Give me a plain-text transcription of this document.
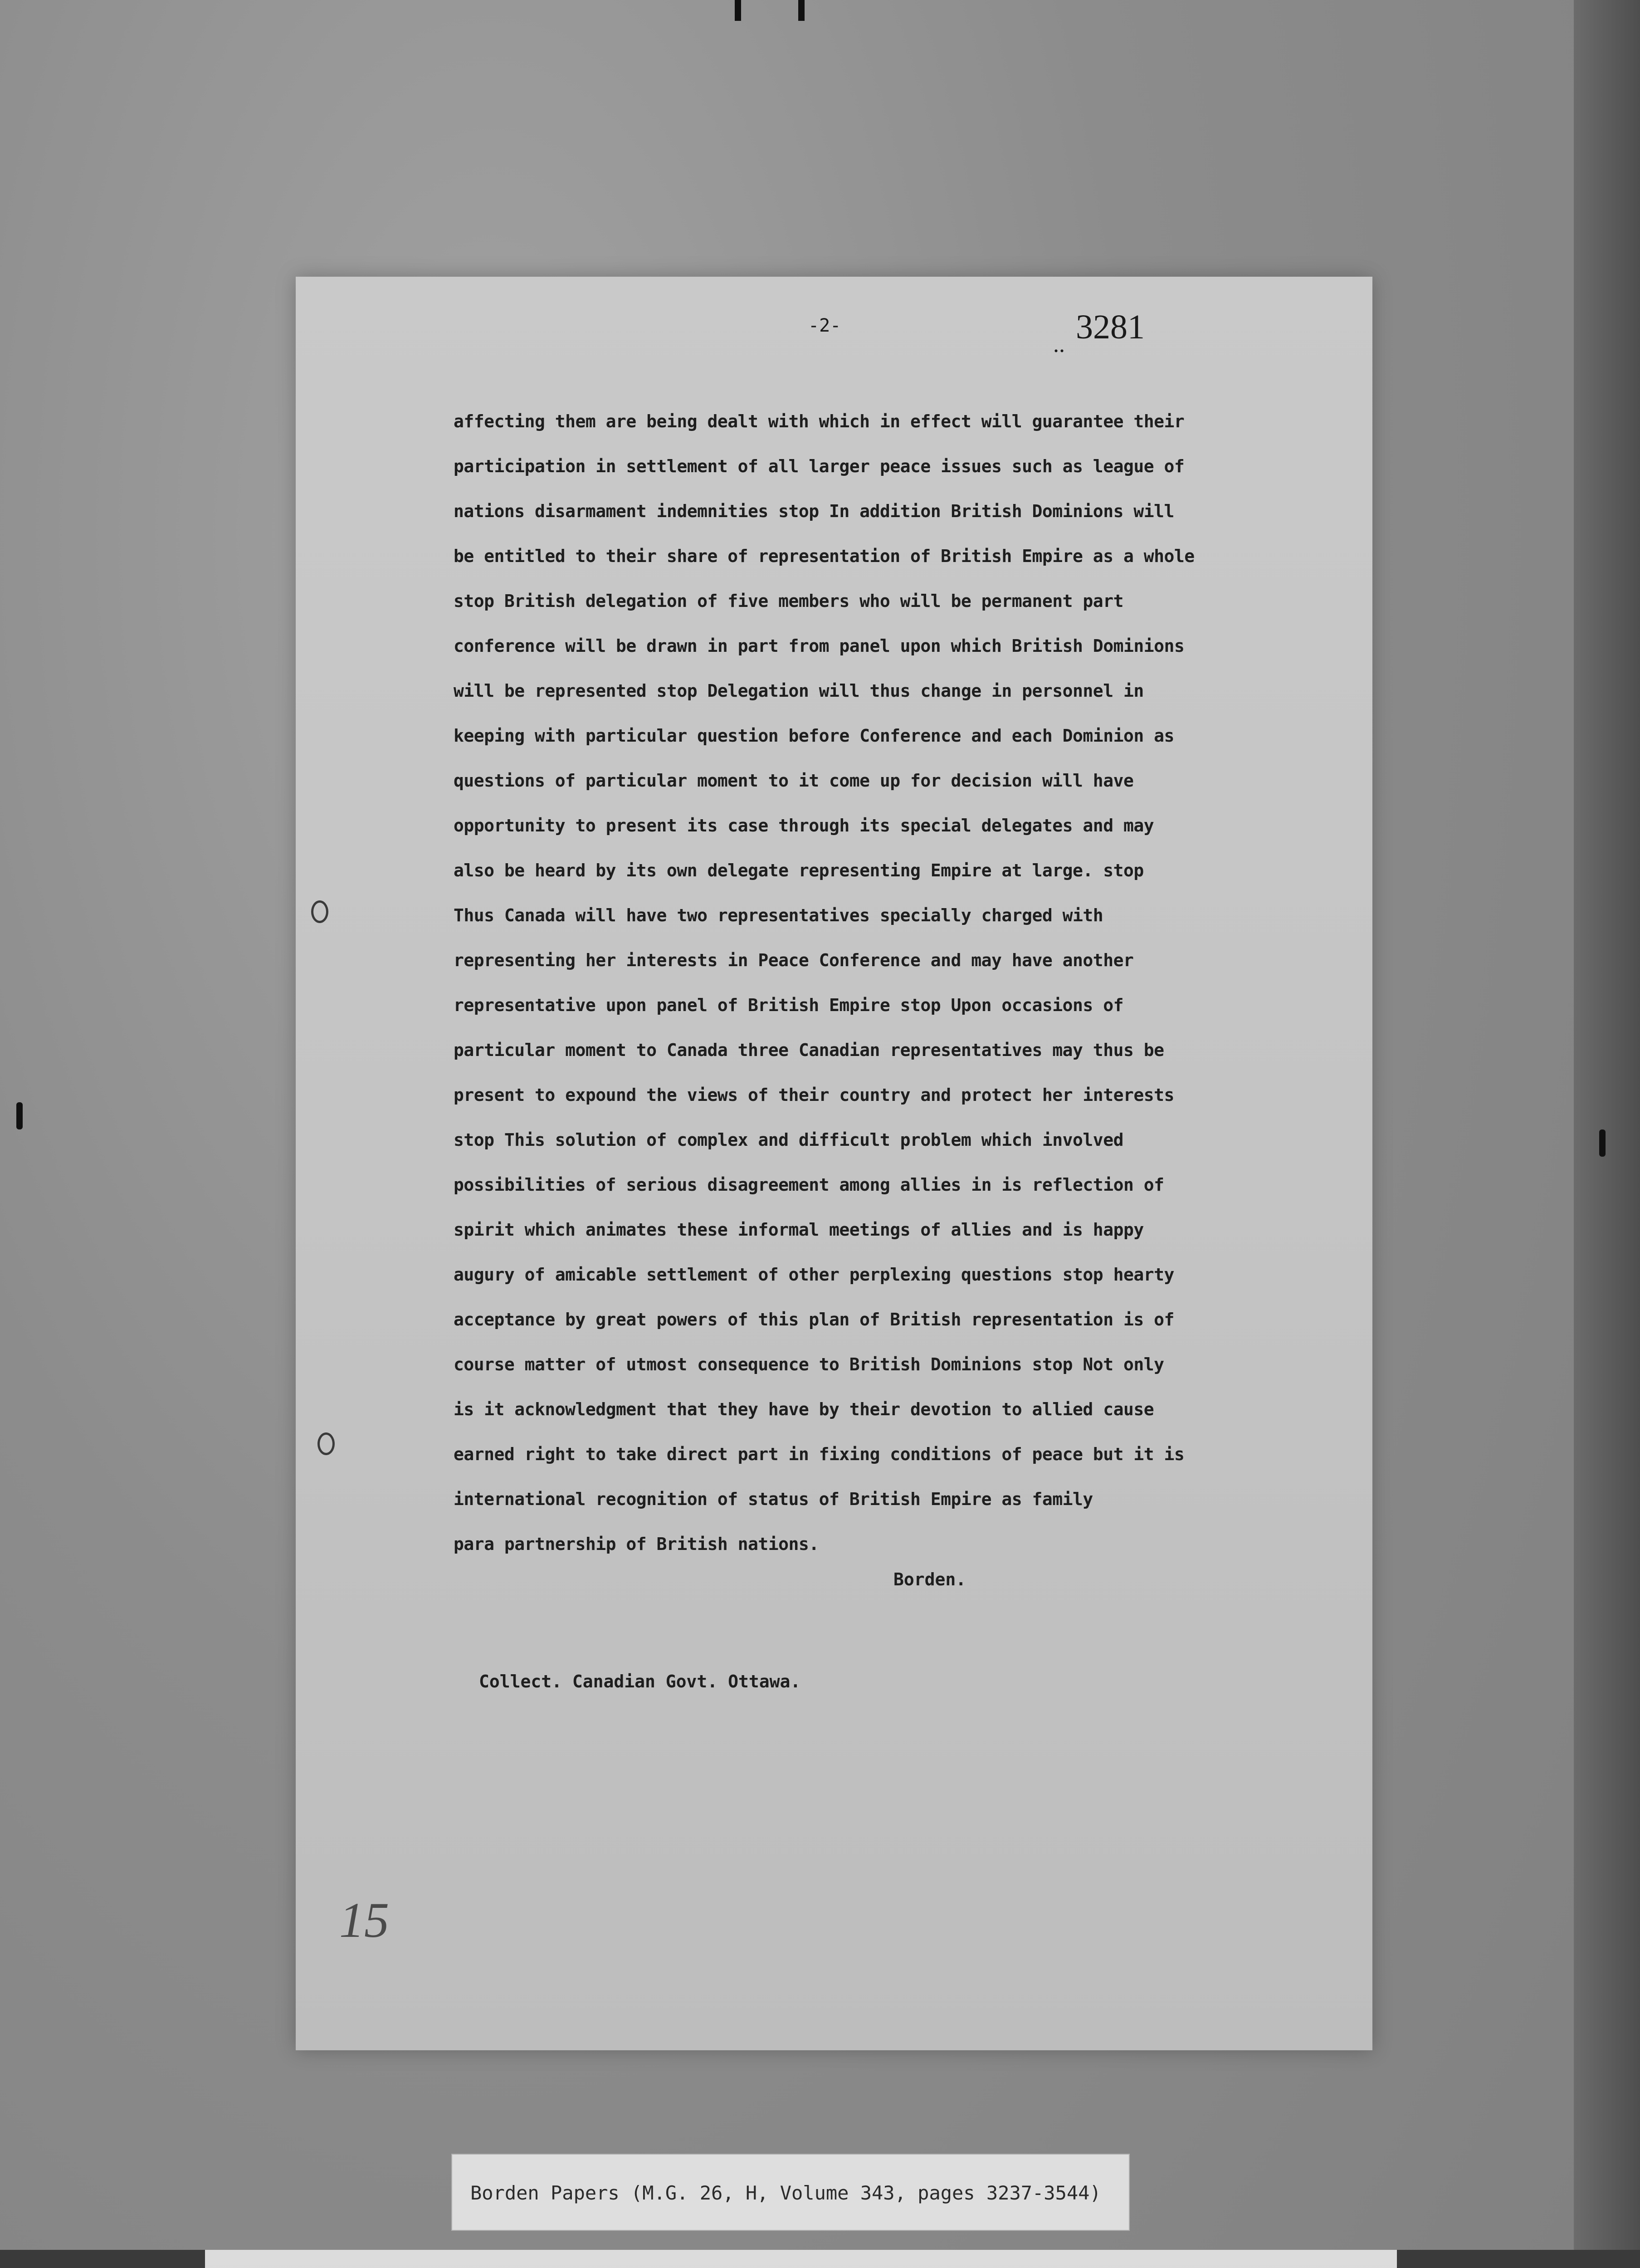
-2-
.. 3281
affecting them are being dealt with which in effect will guarantee their
participation in settlement of all larger peace issues such as league of
nations disarmament indemnities stop In addition British Dominions will
be entitled to their share of representation of British Empire as a whole
stop British delegation of five members who will be permanent part
conference will be drawn in part from panel upon which British Dominions
will be represented stop Delegation will thus change in personnel in
keeping with particular question before Conference and each Dominion as
questions of particular moment to it come up for decision will have
opportunity to present its case through its special delegates and may
also be heard by its own delegate representing Empire at large. stop
Thus Canada will have two representatives specially charged with
representing her interests in Peace Conference and may have another
representative upon panel of British Empire stop Upon occasions of
particular moment to Canada three Canadian representatives may thus be
present to expound the views of their country and protect her interests
stop This solution of complex and difficult problem which involved
possibilities of serious disagreement among allies in is reflection of
spirit which animates these informal meetings of allies and is happy
augury of amicable settlement of other perplexing questions stop hearty
acceptance by great powers of this plan of British representation is of
course matter of utmost consequence to British Dominions stop Not only
is it acknowledgment that they have by their devotion to allied cause
earned right to take direct part in fixing conditions of peace but it is
international recognition of status of British Empire as family
para partnership of British nations.
Borden.
Collect. Canadian Govt. Ottawa.
15
Borden Papers (M.G. 26, H, Volume 343, pages 3237-3544)
